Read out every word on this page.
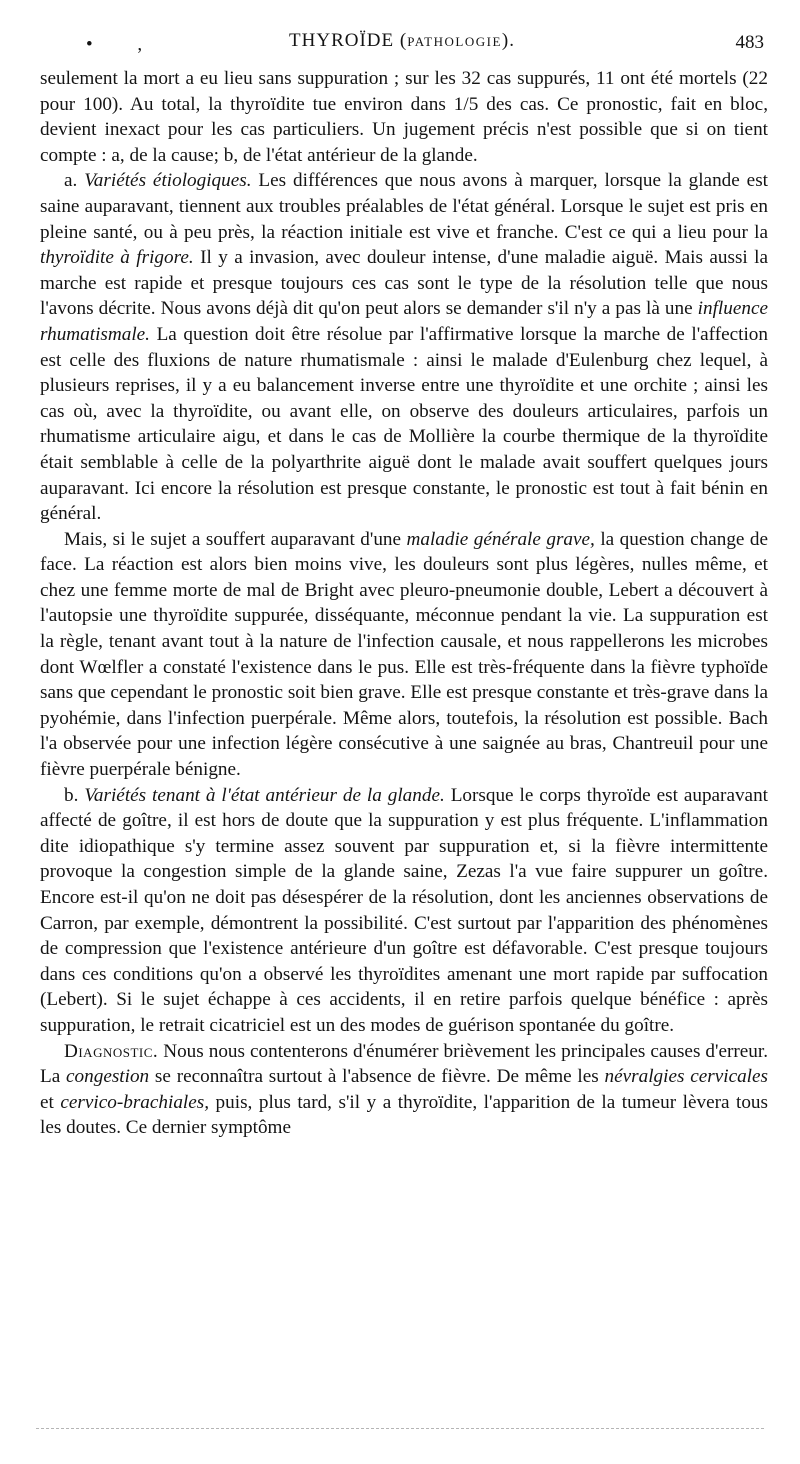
• ,	THYROÏDE (PATHOLOGIE).	483

seulement la mort a eu lieu sans suppuration ; sur les 32 cas suppurés, 11 ont été mortels (22 pour 100). Au total, la thyroïdite tue environ dans 1/5 des cas. Ce pronostic, fait en bloc, devient inexact pour les cas particuliers. Un jugement précis n'est possible que si on tient compte : a, de la cause; b, de l'état antérieur de la glande.

a. Variétés étiologiques. Les différences que nous avons à marquer, lorsque la glande est saine auparavant, tiennent aux troubles préalables de l'état général. Lorsque le sujet est pris en pleine santé, ou à peu près, la réaction initiale est vive et franche. C'est ce qui a lieu pour la thyroïdite à frigore. Il y a invasion, avec douleur intense, d'une maladie aiguë. Mais aussi la marche est rapide et presque toujours ces cas sont le type de la résolution telle que nous l'avons décrite. Nous avons déjà dit qu'on peut alors se demander s'il n'y a pas là une influence rhumatismale. La question doit être résolue par l'affirmative lorsque la marche de l'affection est celle des fluxions de nature rhumatismale : ainsi le malade d'Eulenburg chez lequel, à plusieurs reprises, il y a eu balancement inverse entre une thyroïdite et une orchite ; ainsi les cas où, avec la thyroïdite, ou avant elle, on observe des douleurs articulaires, parfois un rhumatisme articulaire aigu, et dans le cas de Mollière la courbe thermique de la thyroïdite était semblable à celle de la polyarthrite aiguë dont le malade avait souffert quelques jours auparavant. Ici encore la résolution est presque constante, le pronostic est tout à fait bénin en général.

Mais, si le sujet a souffert auparavant d'une maladie générale grave, la question change de face. La réaction est alors bien moins vive, les douleurs sont plus légères, nulles même, et chez une femme morte de mal de Bright avec pleuro-pneumonie double, Lebert a découvert à l'autopsie une thyroïdite suppurée, disséquante, méconnue pendant la vie. La suppuration est la règle, tenant avant tout à la nature de l'infection causale, et nous rappellerons les microbes dont Wœlfler a constaté l'existence dans le pus. Elle est très-fréquente dans la fièvre typhoïde sans que cependant le pronostic soit bien grave. Elle est presque constante et très-grave dans la pyohémie, dans l'infection puerpérale. Même alors, toutefois, la résolution est possible. Bach l'a observée pour une infection légère consécutive à une saignée au bras, Chantreuil pour une fièvre puerpérale bénigne.

b. Variétés tenant à l'état antérieur de la glande. Lorsque le corps thyroïde est auparavant affecté de goître, il est hors de doute que la suppuration y est plus fréquente. L'inflammation dite idiopathique s'y termine assez souvent par suppuration et, si la fièvre intermittente provoque la congestion simple de la glande saine, Zezas l'a vue faire suppurer un goître. Encore est-il qu'on ne doit pas désespérer de la résolution, dont les anciennes observations de Carron, par exemple, démontrent la possibilité. C'est surtout par l'apparition des phénomènes de compression que l'existence antérieure d'un goître est défavorable. C'est presque toujours dans ces conditions qu'on a observé les thyroïdites amenant une mort rapide par suffocation (Lebert). Si le sujet échappe à ces accidents, il en retire parfois quelque bénéfice : après suppuration, le retrait cicatriciel est un des modes de guérison spontanée du goître.

Diagnostic. Nous nous contenterons d'énumérer brièvement les principales causes d'erreur. La congestion se reconnaîtra surtout à l'absence de fièvre. De même les névralgies cervicales et cervico-brachiales, puis, plus tard, s'il y a thyroïdite, l'apparition de la tumeur lèvera tous les doutes. Ce dernier symptôme
